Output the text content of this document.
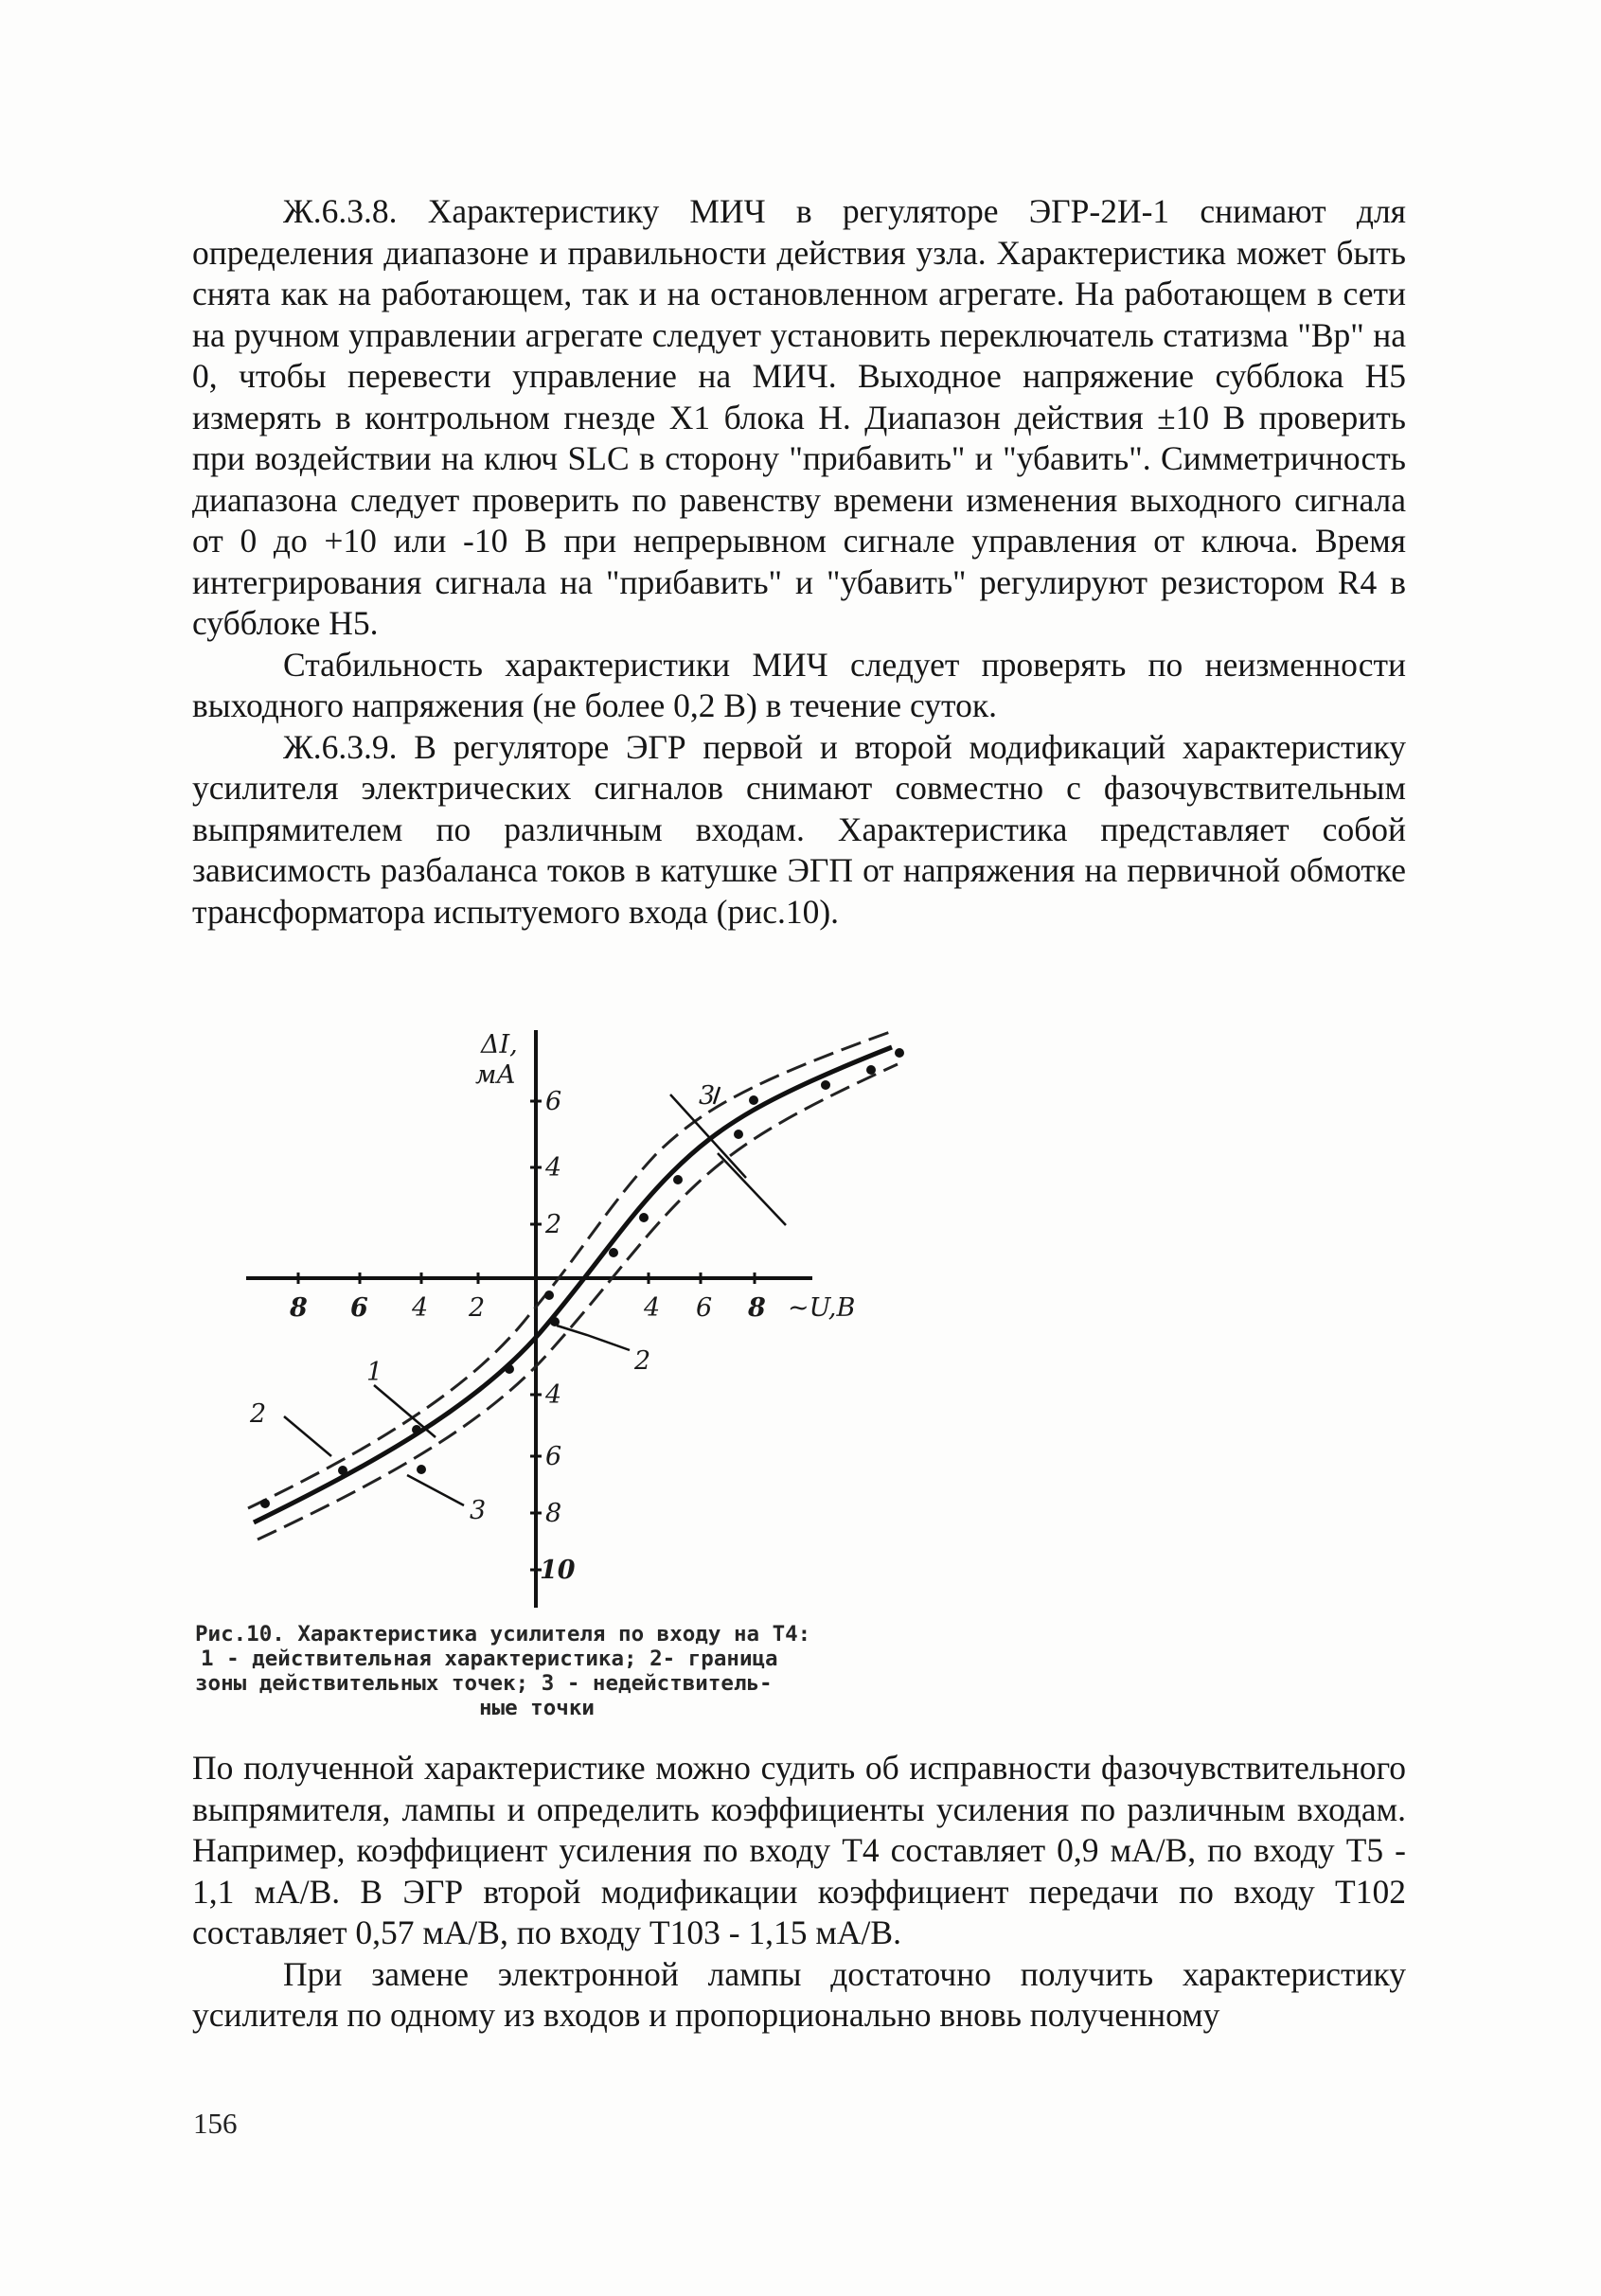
Ж.6.3.8. Характеристику МИЧ в регуляторе ЭГР-2И-1 снимают для определения диапазоне и правильности действия узла. Характеристика может быть снята как на работающем, так и на остановленном агрегате. На работающем в сети на ручном управлении агрегате следует установить переключатель статизма "Вр" на 0, чтобы перевести управление на МИЧ. Выходное напряжение субблока Н5 измерять в контрольном гнезде X1 блока Н. Диапазон действия ±10 В проверить при воздействии на ключ SLC в сторону "прибавить" и "убавить". Симметричность диапазона следует проверить по равенству времени изменения выходного сигнала от 0 до +10 или -10 В при непрерывном сигнале управления от ключа. Время интегрирования сигнала на "прибавить" и "убавить" регулируют резистором R4 в субблоке Н5.

Стабильность характеристики МИЧ следует проверять по неизменности выходного напряжения (не более 0,2 В) в течение суток.

Ж.6.3.9. В регуляторе ЭГР первой и второй модификаций характеристику усилителя электрических сигналов снимают совместно с фазочувствительным выпрямителем по различным входам. Характеристика представляет собой зависимость разбаланса токов в катушке ЭГП от напряжения на первичной обмотке трансформатора испытуемого входа (рис.10).

ΔI,
мА
6
4
2
4
6
8
10
8 6 4 2	4 6 8 ~U,В
1
2
3
2
3
Рис.10. Характеристика усилителя по входу на Т4:
1 - действительная характеристика; 2- граница
зоны действительных точек; 3 - недействитель-
ные точки

По полученной характеристике можно судить об исправности фазочувствительного выпрямителя, лампы и определить коэффициенты усиления по различным входам. Например, коэффициент усиления по входу Т4 составляет 0,9 мА/В, по входу Т5 - 1,1 мА/В. В ЭГР второй модификации коэффициент передачи по входу Т102 составляет 0,57 мА/В, по входу Т103 - 1,15 мА/В.

При замене электронной лампы достаточно получить характеристику усилителя по одному из входов и пропорционально вновь полученному

156
